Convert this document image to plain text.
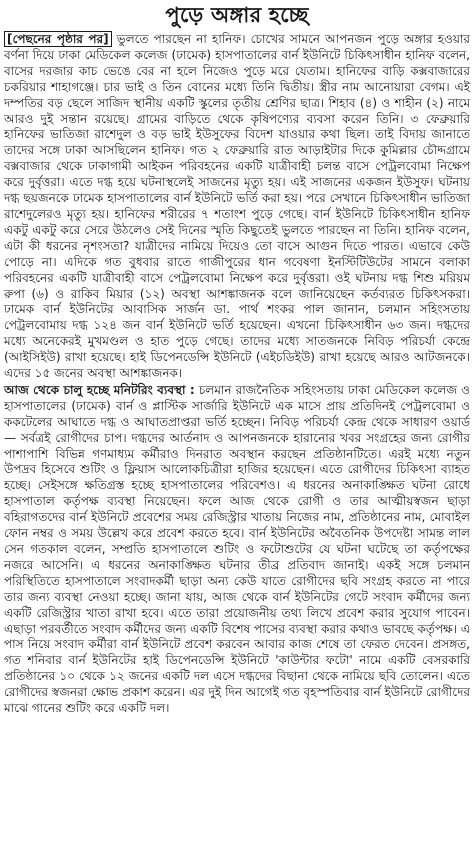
পুড়ে অঙ্গার হচ্ছে

[পেছনের পৃষ্ঠার পর] ভুলতে পারছেন না হানিফ। চোখের সামনে আপনজন পুড়ে অঙ্গার হওয়ার বর্ণনা দিয়ে ঢাকা মেডিকেল কলেজ (ঢামেক) হাসপাতালের বার্ন ইউনিটে চিকিৎসাধীন হানিফ বলেন, বাসের দরজার কাচ ভেঙে বের না হলে নিজেও পুড়ে মরে যেতাম। হানিফের বাড়ি কক্সবাজারের চকরিয়ার শাহাগঞ্জে। চার ভাই ও তিন বোনের মধ্যে তিনি দ্বিতীয়। স্ত্রীর নাম আনোয়ারা বেগম। এই দম্পতির বড় ছেলে সাজিদ স্থানীয় একটি স্কুলের তৃতীয় শ্রেণির ছাত্র। শিহাব (৪) ও শাহীন (২) নামে আরও দুই সন্তান রয়েছে। গ্রামের বাড়িতে থেকে কৃষিপণ্যের ব্যবসা করেন তিনি। ৩ ফেব্রুয়ারি হানিফের ভাতিজা রাশেদুল ও বড় ভাই ইউসুফের বিদেশ যাওয়ার কথা ছিল। তাই বিদায় জানাতে তাদের সঙ্গে ঢাকা আসছিলেন হানিফ। গত ২ ফেব্রুয়ারি রাত আড়াইটার দিকে কুমিল্লার চৌদ্দগ্রামে বক্সবাজার থেকে ঢাকাগামী আইকন পরিবহনের একটি যাত্রীবাহী চলন্ত বাসে পেট্রলবোমা নিক্ষেপ করে দুর্বৃত্তরা। এতে দগ্ধ হয়ে ঘটনাস্থলেই সাজনের মৃত্যু হয়। এই সাজনের একজন ইউসুফ। ঘটনায় দগ্ধ ছয়জনকে ঢামেক হাসপাতালের বার্ন ইউনিটে ভর্তি করা হয়। পরে সেখানে চিকিৎসাধীন ভাতিজা রাশেদুলেরও মৃত্যু হয়। হানিফের শরীরের ৭ শতাংশ পুড়ে গেছে। বার্ন ইউনিটে চিকিৎসাধীন হানিফ একটু একটু করে সেরে উঠলেও সেই দিনের স্মৃতি কিছুতেই ভুলতে পারছেন না তিনি। হানিফ বলেন, এটা কী ধরনের নৃশংসতা? যাত্রীদের নামিয়ে দিয়েও তো বাসে আগুন দিতে পারত। এভাবে কেউ পোড়ে না। এদিকে গত বুধবার রাতে গাজীপুরের ধান গবেষণা ইনস্টিটিউটের সামনে বলাকা পরিবহনের একটি যাত্রীবাহী বাসে পেট্রলবোমা নিক্ষেপ করে দুর্বৃত্তরা। ওই ঘটনায় দগ্ধ শিশু মরিয়ম রুপা (৬) ও রাকিব মিয়ার (১২) অবস্থা আশঙ্কাজনক বলে জানিয়েছেন কর্তব্যরত চিকিৎসকরা। ঢামেক বার্ন ইউনিটের আবাসিক সার্জন ডা. পার্থ শংকর পাল জানান, চলমান সহিংসতায় পেট্রলবোমায় দগ্ধ ১২৪ জন বার্ন ইউনিটে ভর্তি হয়েছেন। এখনো চিকিৎসাধীন ৬৩ জন। দগ্ধদের মধ্যে অনেকেরই মুখমণ্ডল ও হাত পুড়ে গেছে। তাদের মধ্যে সাতজনকে নিবিড় পরিচর্যা কেন্দ্রে (আইসিইউ) রাখা হয়েছে। হাই ডিপেনডেন্সি ইউনিটে (এইচডিইউ) রাখা হয়েছে আরও আটজনকে। এদের ১৫ জনের অবস্থা আশঙ্কাজনক।

আজ থেকে চালু হচ্ছে মনিটরিং ব্যবস্থা : চলমান রাজনৈতিক সহিংসতায় ঢাকা মেডিকেল কলেজ ও হাসপাতালের (ঢামেক) বার্ন ও প্লাস্টিক সার্জারি ইউনিটে এক মাসে প্রায় প্রতিদিনই পেট্রলবোমা ও ককটেলের আঘাতে দগ্ধ ও আঘাতপ্রাপ্তরা ভর্তি হচ্ছেন। নিবিড় পরিচর্যা কেন্দ্র থেকে সাধারণ ওয়ার্ড— সর্বত্রই রোগীদের চাপ। দগ্ধদের আর্তনাদ ও আপনজনকে হারানোর খবর সংগ্রহের জন্য রোগীর পাশাপাশি বিভিন্ন গণমাধ্যম কর্মীরাও দিনরাত অবস্থান করছেন প্রতিষ্ঠানটিতে। এরই মধ্যে নতুন উপদ্রব হিসেবে শুটিং ও ফ্লিয়াস আলোকচিত্রীরা হাজির হয়েছেন। এতে রোগীদের চিকিৎসা ব্যাহত হচ্ছে। সেইসঙ্গে ক্ষতিগ্রস্ত হচ্ছে হাসপাতালের পরিবেশও। এ ধরনের অনাকাঙ্ক্ষিত ঘটনা রোধে হাসপাতাল কর্তৃপক্ষ ব্যবস্থা নিয়েছেন। ফলে আজ থেকে রোগী ও তার আত্মীয়স্বজন ছাড়া বহিরাগতদের বার্ন ইউনিটে প্রবেশের সময় রেজিস্ট্রার খাতায় নিজের নাম, প্রতিষ্ঠানের নাম, মোবাইল ফোন নম্বর ও সময় উল্লেখ করে প্রবেশ করতে হবে। বার্ন ইউনিটের অবৈতনিক উপদেষ্টা সামন্ত লাল সেন গতকাল বলেন, সম্প্রতি হাসপাতালে শুটিং ও ফটোশুটের যে ঘটনা ঘটেছে তা কর্তৃপক্ষের নজরে আসেনি। এ ধরনের অনাকাঙ্ক্ষিত ঘটনার তীব্র প্রতিবাদ জানাই। একই সঙ্গে চলমান পরিস্থিতিতে হাসপাতালে সংবাদকর্মী ছাড়া অন্য কেউ যাতে রোগীদের ছবি সংগ্রহ করতে না পারে তার জন্য ব্যবস্থা নেওয়া হচ্ছে। জানা যায়, আজ থেকে বার্ন ইউনিটের গেটে সংবাদ কর্মীদের জন্য একটি রেজিস্ট্রার খাতা রাখা হবে। এতে তারা প্রয়োজনীয় তথ্য লিখে প্রবেশ করার সুযোগ পাবেন। এছাড়া পরবর্তীতে সংবাদ কর্মীদের জন্য একটি বিশেষ পাসের ব্যবস্থা করার কথাও ভাবছে কর্তৃপক্ষ। এ পাস নিয়ে সংবাদ কর্মীরা বার্ন ইউনিটে প্রবেশ করবেন আবার কাজ শেষে তা ফেরত দেবেন। প্রসঙ্গত, গত শনিবার বার্ন ইউনিটের হাই ডিপেনডেন্সি ইউনিটে 'কাউন্টার ফটো' নামে একটি বেসরকারি প্রতিষ্ঠানের ১০ থেকে ১২ জনের একটি দল এসে দগ্ধদের বিছানা থেকে নামিয়ে ছবি তোলেন। এতে রোগীদের স্বজনরা ক্ষোভ প্রকাশ করেন। এর দুই দিন আগেই গত বৃহস্পতিবার বার্ন ইউনিটে রোগীদের মাঝে গানের শুটিং করে একটি দল।
